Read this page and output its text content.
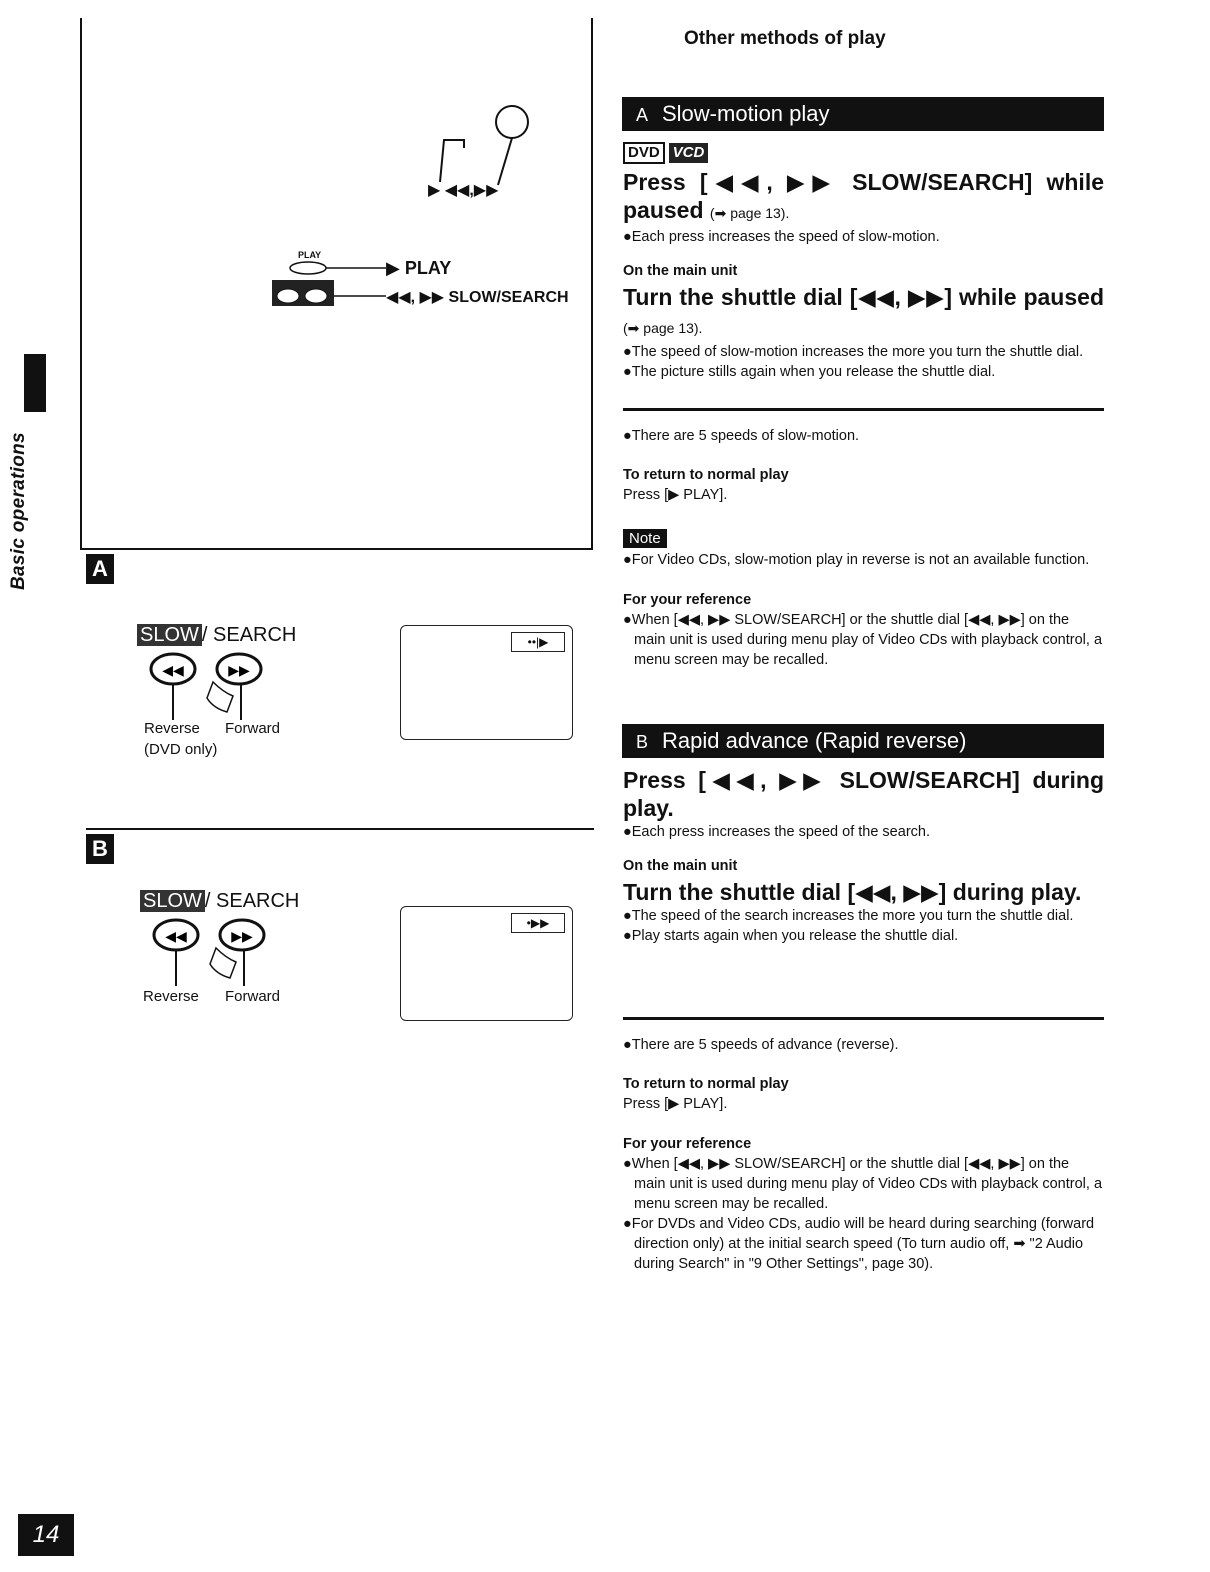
Basic operations
▶ ◀◀,▶▶
PLAY
▶ PLAY
◀◀, ▶▶ SLOW/SEARCH
A
SLOW / SEARCH
◀◀	▶▶
Reverse Forward
(DVD only)
••|▶
B
SLOW / SEARCH
◀◀	▶▶
Reverse Forward
•▶▶
14
Other methods of play
A Slow-motion play
DVD VCD
Press [◀◀, ▶▶ SLOW/SEARCH] while paused (➡ page 13).
●Each press increases the speed of slow-motion.
On the main unit
Turn the shuttle dial [◀◀, ▶▶] while paused (➡ page 13).
●The speed of slow-motion increases the more you turn the shuttle dial.
●The picture stills again when you release the shuttle dial.
●There are 5 speeds of slow-motion.
To return to normal play
Press [▶ PLAY].
Note
●For Video CDs, slow-motion play in reverse is not an available function.
For your reference
●When [◀◀, ▶▶ SLOW/SEARCH] or the shuttle dial [◀◀, ▶▶] on the main unit is used during menu play of Video CDs with playback control, a menu screen may be recalled.
B Rapid advance (Rapid reverse)
Press [◀◀, ▶▶ SLOW/SEARCH] during play.
●Each press increases the speed of the search.
On the main unit
Turn the shuttle dial [◀◀, ▶▶] during play.
●The speed of the search increases the more you turn the shuttle dial.
●Play starts again when you release the shuttle dial.
●There are 5 speeds of advance (reverse).
To return to normal play
Press [▶ PLAY].
For your reference
●When [◀◀, ▶▶ SLOW/SEARCH] or the shuttle dial [◀◀, ▶▶] on the main unit is used during menu play of Video CDs with playback control, a menu screen may be recalled.
●For DVDs and Video CDs, audio will be heard during searching (forward direction only) at the initial search speed (To turn audio off, ➡ "2 Audio during Search" in "9 Other Settings", page 30).
